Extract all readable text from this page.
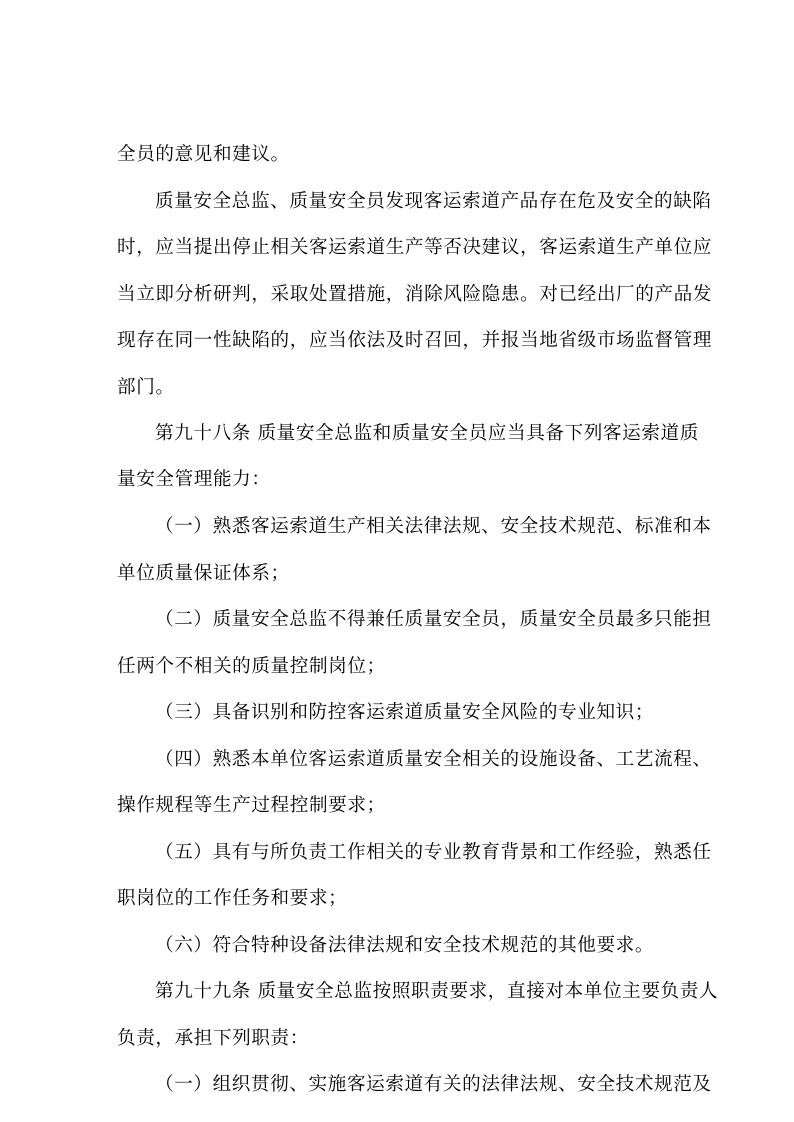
全员的意见和建议。
质量安全总监、质量安全员发现客运索道产品存在危及安全的缺陷
时，应当提出停止相关客运索道生产等否决建议，客运索道生产单位应
当立即分析研判，采取处置措施，消除风险隐患。对已经出厂的产品发
现存在同一性缺陷的，应当依法及时召回，并报当地省级市场监督管理
部门。
第九十八条 质量安全总监和质量安全员应当具备下列客运索道质
量安全管理能力：
（一）熟悉客运索道生产相关法律法规、安全技术规范、标准和本
单位质量保证体系；
（二）质量安全总监不得兼任质量安全员，质量安全员最多只能担
任两个不相关的质量控制岗位；
（三）具备识别和防控客运索道质量安全风险的专业知识；
（四）熟悉本单位客运索道质量安全相关的设施设备、工艺流程、
操作规程等生产过程控制要求；
（五）具有与所负责工作相关的专业教育背景和工作经验，熟悉任
职岗位的工作任务和要求；
（六）符合特种设备法律法规和安全技术规范的其他要求。
第九十九条 质量安全总监按照职责要求，直接对本单位主要负责人
负责，承担下列职责：
（一）组织贯彻、实施客运索道有关的法律法规、安全技术规范及
